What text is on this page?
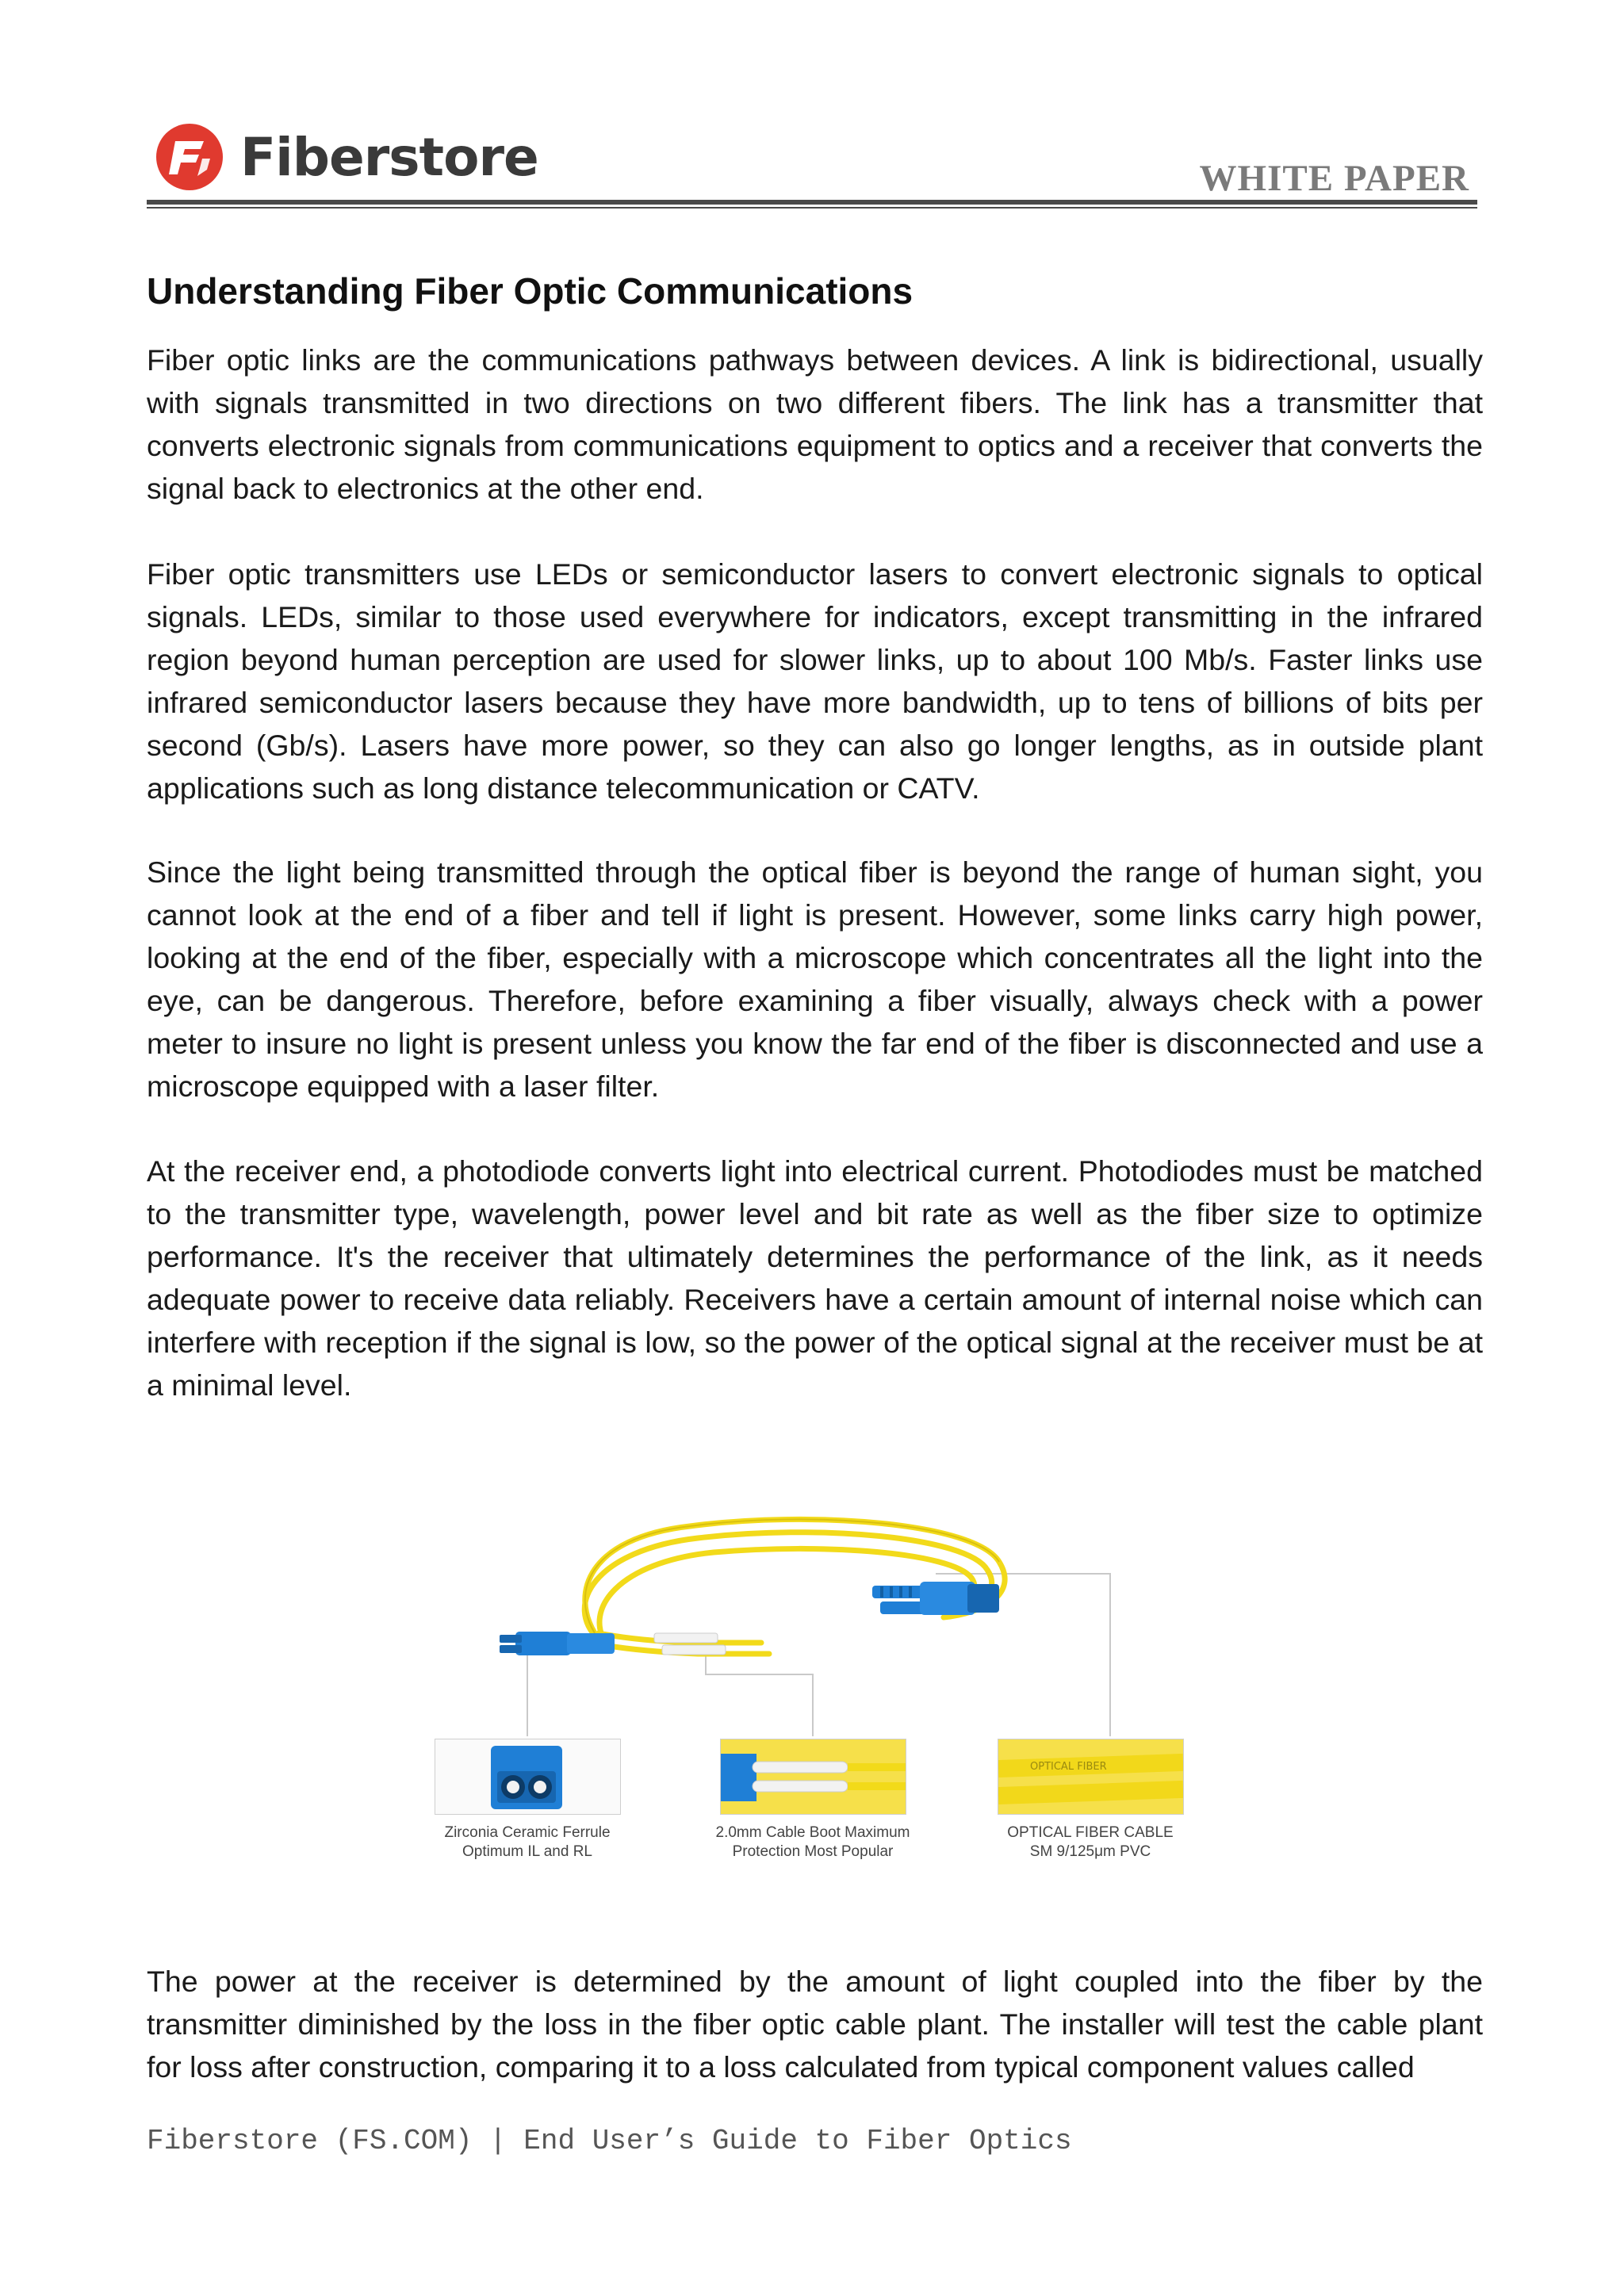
Fiberstore	WHITE PAPER
Understanding Fiber Optic Communications

Fiber optic links are the communications pathways between devices. A link is bidirectional, usually with signals transmitted in two directions on two different fibers. The link has a transmitter that converts electronic signals from communications equipment to optics and a receiver that converts the signal back to electronics at the other end.

Fiber optic transmitters use LEDs or semiconductor lasers to convert electronic signals to optical signals. LEDs, similar to those used everywhere for indicators, except transmitting in the infrared region beyond human perception are used for slower links, up to about 100 Mb/s. Faster links use infrared semiconductor lasers because they have more bandwidth, up to tens of billions of bits per second (Gb/s). Lasers have more power, so they can also go longer lengths, as in outside plant applications such as long distance telecommunication or CATV.

Since the light being transmitted through the optical fiber is beyond the range of human sight, you cannot look at the end of a fiber and tell if light is present. However, some links carry high power, looking at the end of the fiber, especially with a microscope which concentrates all the light into the eye, can be dangerous. Therefore, before examining a fiber visually, always check with a power meter to insure no light is present unless you know the far end of the fiber is disconnected and use a microscope equipped with a laser filter.

At the receiver end, a photodiode converts light into electrical current. Photodiodes must be matched to the transmitter type, wavelength, power level and bit rate as well as the fiber size to optimize performance. It's the receiver that ultimately determines the performance of the link, as it needs adequate power to receive data reliably. Receivers have a certain amount of internal noise which can interfere with reception if the signal is low, so the power of the optical signal at the receiver must be at a minimal level.

OPTICAL FIBER
Zirconia Ceramic Ferrule
Optimum IL and RL
2.0mm Cable Boot Maximum
Protection Most Popular
OPTICAL FIBER CABLE
SM 9/125μm PVC

The power at the receiver is determined by the amount of light coupled into the fiber by the transmitter diminished by the loss in the fiber optic cable plant. The installer will test the cable plant for loss after construction, comparing it to a loss calculated from typical component values called

Fiberstore (FS.COM) | End User’s Guide to Fiber Optics
